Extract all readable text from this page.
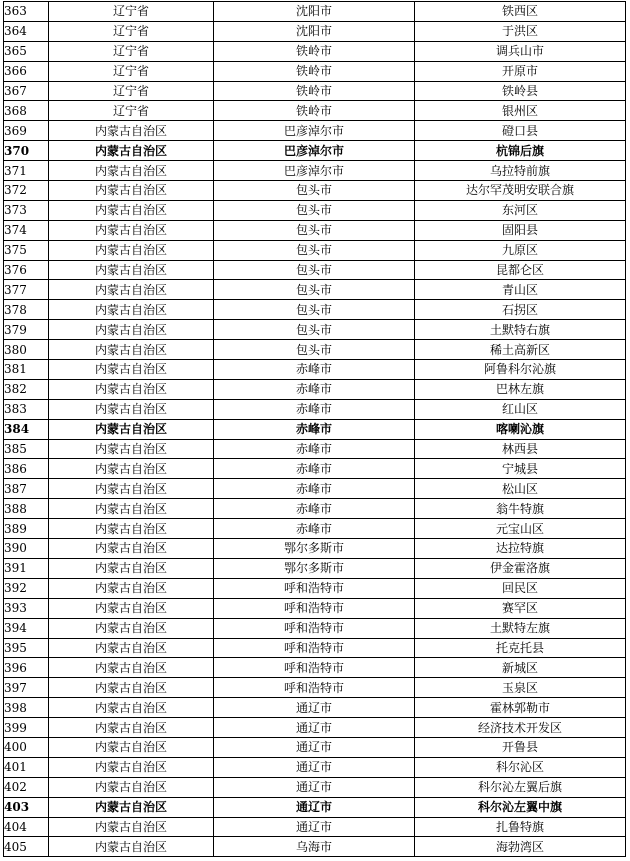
363	辽宁省	沈阳市	铁西区
364	辽宁省	沈阳市	于洪区
365	辽宁省	铁岭市	调兵山市
366	辽宁省	铁岭市	开原市
367	辽宁省	铁岭市	铁岭县
368	辽宁省	铁岭市	银州区
369	内蒙古自治区	巴彦淖尔市	磴口县
370	内蒙古自治区	巴彦淖尔市	杭锦后旗
371	内蒙古自治区	巴彦淖尔市	乌拉特前旗
372	内蒙古自治区	包头市	达尔罕茂明安联合旗
373	内蒙古自治区	包头市	东河区
374	内蒙古自治区	包头市	固阳县
375	内蒙古自治区	包头市	九原区
376	内蒙古自治区	包头市	昆都仑区
377	内蒙古自治区	包头市	青山区
378	内蒙古自治区	包头市	石拐区
379	内蒙古自治区	包头市	土默特右旗
380	内蒙古自治区	包头市	稀土高新区
381	内蒙古自治区	赤峰市	阿鲁科尔沁旗
382	内蒙古自治区	赤峰市	巴林左旗
383	内蒙古自治区	赤峰市	红山区
384	内蒙古自治区	赤峰市	喀喇沁旗
385	内蒙古自治区	赤峰市	林西县
386	内蒙古自治区	赤峰市	宁城县
387	内蒙古自治区	赤峰市	松山区
388	内蒙古自治区	赤峰市	翁牛特旗
389	内蒙古自治区	赤峰市	元宝山区
390	内蒙古自治区	鄂尔多斯市	达拉特旗
391	内蒙古自治区	鄂尔多斯市	伊金霍洛旗
392	内蒙古自治区	呼和浩特市	回民区
393	内蒙古自治区	呼和浩特市	赛罕区
394	内蒙古自治区	呼和浩特市	土默特左旗
395	内蒙古自治区	呼和浩特市	托克托县
396	内蒙古自治区	呼和浩特市	新城区
397	内蒙古自治区	呼和浩特市	玉泉区
398	内蒙古自治区	通辽市	霍林郭勒市
399	内蒙古自治区	通辽市	经济技术开发区
400	内蒙古自治区	通辽市	开鲁县
401	内蒙古自治区	通辽市	科尔沁区
402	内蒙古自治区	通辽市	科尔沁左翼后旗
403	内蒙古自治区	通辽市	科尔沁左翼中旗
404	内蒙古自治区	通辽市	扎鲁特旗
405	内蒙古自治区	乌海市	海勃湾区
